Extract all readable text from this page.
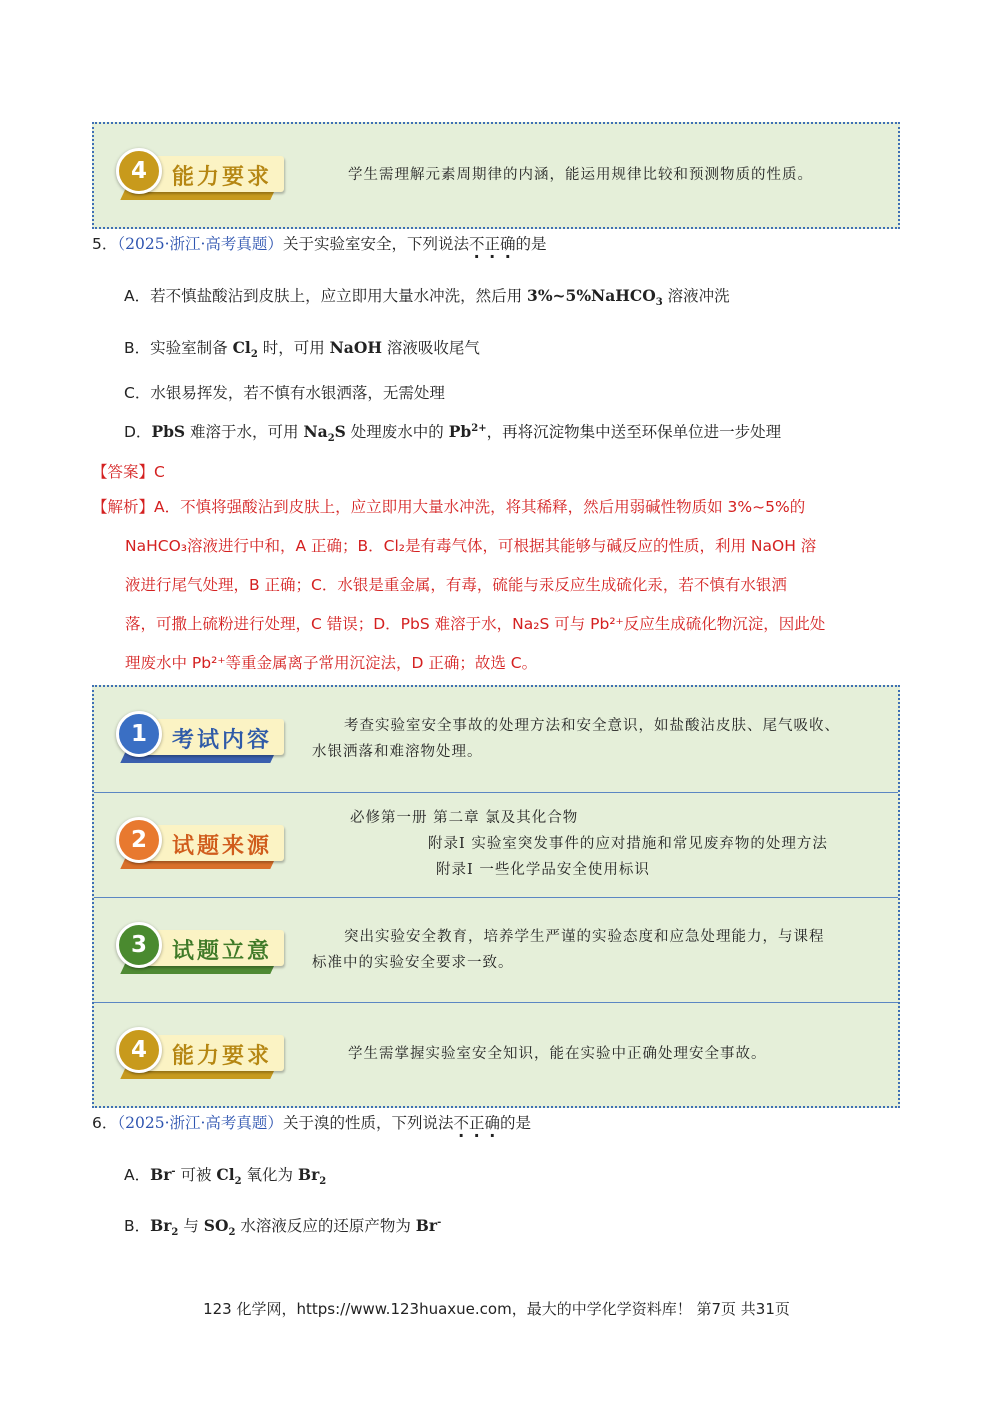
4	能力要求	学生需理解元素周期律的内涵，能运用规律比较和预测物质的性质。
5．（2025·浙江·高考真题）关于实验室安全，下列说法不正确的是
A．若不慎盐酸沾到皮肤上，应立即用大量水冲洗，然后用 3%~5%NaHCO$_3$ 溶液冲洗
B．实验室制备 $Cl_2$ 时，可用 NaOH 溶液吸收尾气
C．水银易挥发，若不慎有水银洒落，无需处理
D．PbS 难溶于水，可用 $Na_2S$ 处理废水中的 $Pb^{2+}$，再将沉淀物集中送至环保单位进一步处理
【答案】C

【解析】A．不慎将强酸沾到皮肤上，应立即用大量水冲洗，将其稀释，然后用弱碱性物质如 3%~5%的

NaHCO₃溶液进行中和，A 正确；B．Cl₂是有毒气体，可根据其能够与碱反应的性质，利用 NaOH 溶

液进行尾气处理，B 正确；C．水银是重金属，有毒，硫能与汞反应生成硫化汞，若不慎有水银洒

落，可撒上硫粉进行处理，C 错误；D．PbS 难溶于水，Na₂S 可与 Pb²⁺反应生成硫化物沉淀，因此处

理废水中 Pb²⁺等重金属离子常用沉淀法，D 正确；故选 C。

1	考试内容
考查实验室安全事故的处理方法和安全意识，如盐酸沾皮肤、尾气吸收、
水银洒落和难溶物处理。
2	试题来源
必修第一册 第二章 氯及其化合物
附录Ⅰ 实验室突发事件的应对措施和常见废弃物的处理方法
附录Ⅰ 一些化学品安全使用标识
3	试题立意
突出实验安全教育，培养学生严谨的实验态度和应急处理能力，与课程
标准中的实验安全要求一致。
4	能力要求	学生需掌握实验室安全知识，能在实验中正确处理安全事故。
6．（2025·浙江·高考真题）关于溴的性质，下列说法不正确的是
A．Br- 可被 $Cl_2$ 氧化为 $Br_2$
B．$Br_2$ 与 $SO_2$ 水溶液反应的还原产物为 Br-
123 化学网，https://www.123huaxue.com，最大的中学化学资料库！ 第7页 共31页
